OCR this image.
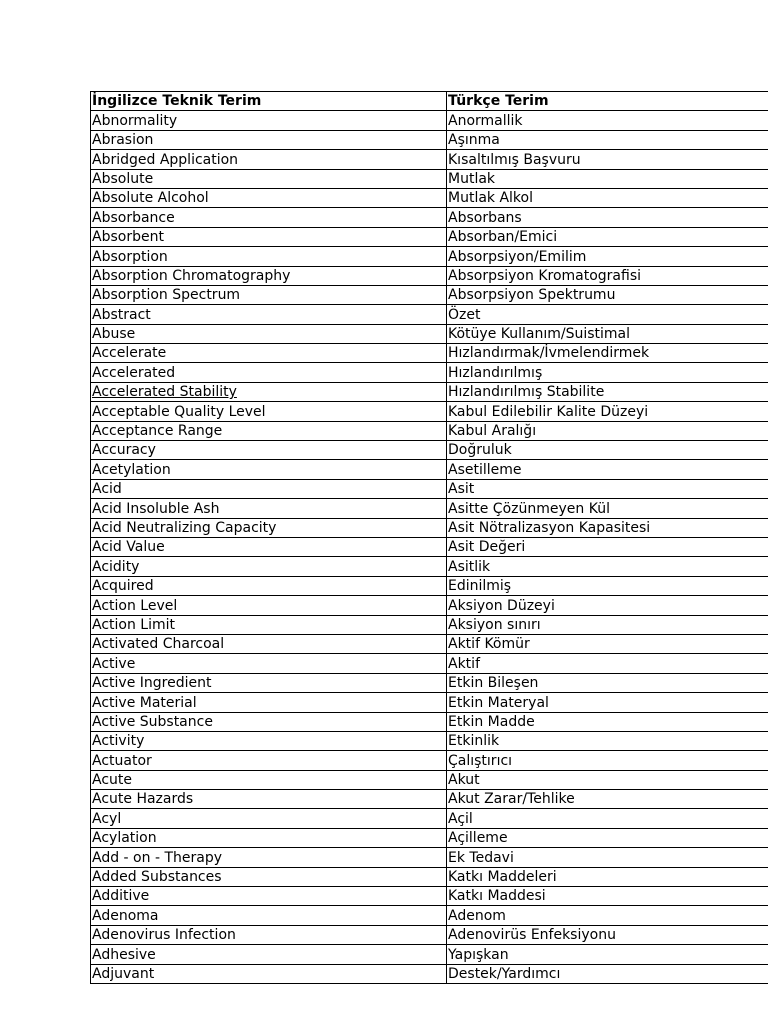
İngilizce Teknik Terim	Türkçe Terim
Abnormality	Anormallik
Abrasion	Aşınma
Abridged Application	Kısaltılmış Başvuru
Absolute	Mutlak
Absolute Alcohol	Mutlak Alkol
Absorbance	Absorbans
Absorbent	Absorban/Emici
Absorption	Absorpsiyon/Emilim
Absorption Chromatography	Absorpsiyon Kromatografisi
Absorption Spectrum	Absorpsiyon Spektrumu
Abstract	Özet
Abuse	Kötüye Kullanım/Suistimal
Accelerate	Hızlandırmak/İvmelendirmek
Accelerated	Hızlandırılmış
Accelerated Stability	Hızlandırılmış Stabilite
Acceptable Quality Level	Kabul Edilebilir Kalite Düzeyi
Acceptance Range	Kabul Aralığı
Accuracy	Doğruluk
Acetylation	Asetilleme
Acid	Asit
Acid Insoluble Ash	Asitte Çözünmeyen Kül
Acid Neutralizing Capacity	Asit Nötralizasyon Kapasitesi
Acid Value	Asit Değeri
Acidity	Asitlik
Acquired	Edinilmiş
Action Level	Aksiyon Düzeyi
Action Limit	Aksiyon sınırı
Activated Charcoal	Aktif Kömür
Active	Aktif
Active Ingredient	Etkin Bileşen
Active Material	Etkin Materyal
Active Substance	Etkin Madde
Activity	Etkinlik
Actuator	Çalıştırıcı
Acute	Akut
Acute Hazards	Akut Zarar/Tehlike
Acyl	Açil
Acylation	Açilleme
Add - on - Therapy	Ek Tedavi
Added Substances	Katkı Maddeleri
Additive	Katkı Maddesi
Adenoma	Adenom
Adenovirus Infection	Adenovirüs Enfeksiyonu
Adhesive	Yapışkan
Adjuvant	Destek/Yardımcı
